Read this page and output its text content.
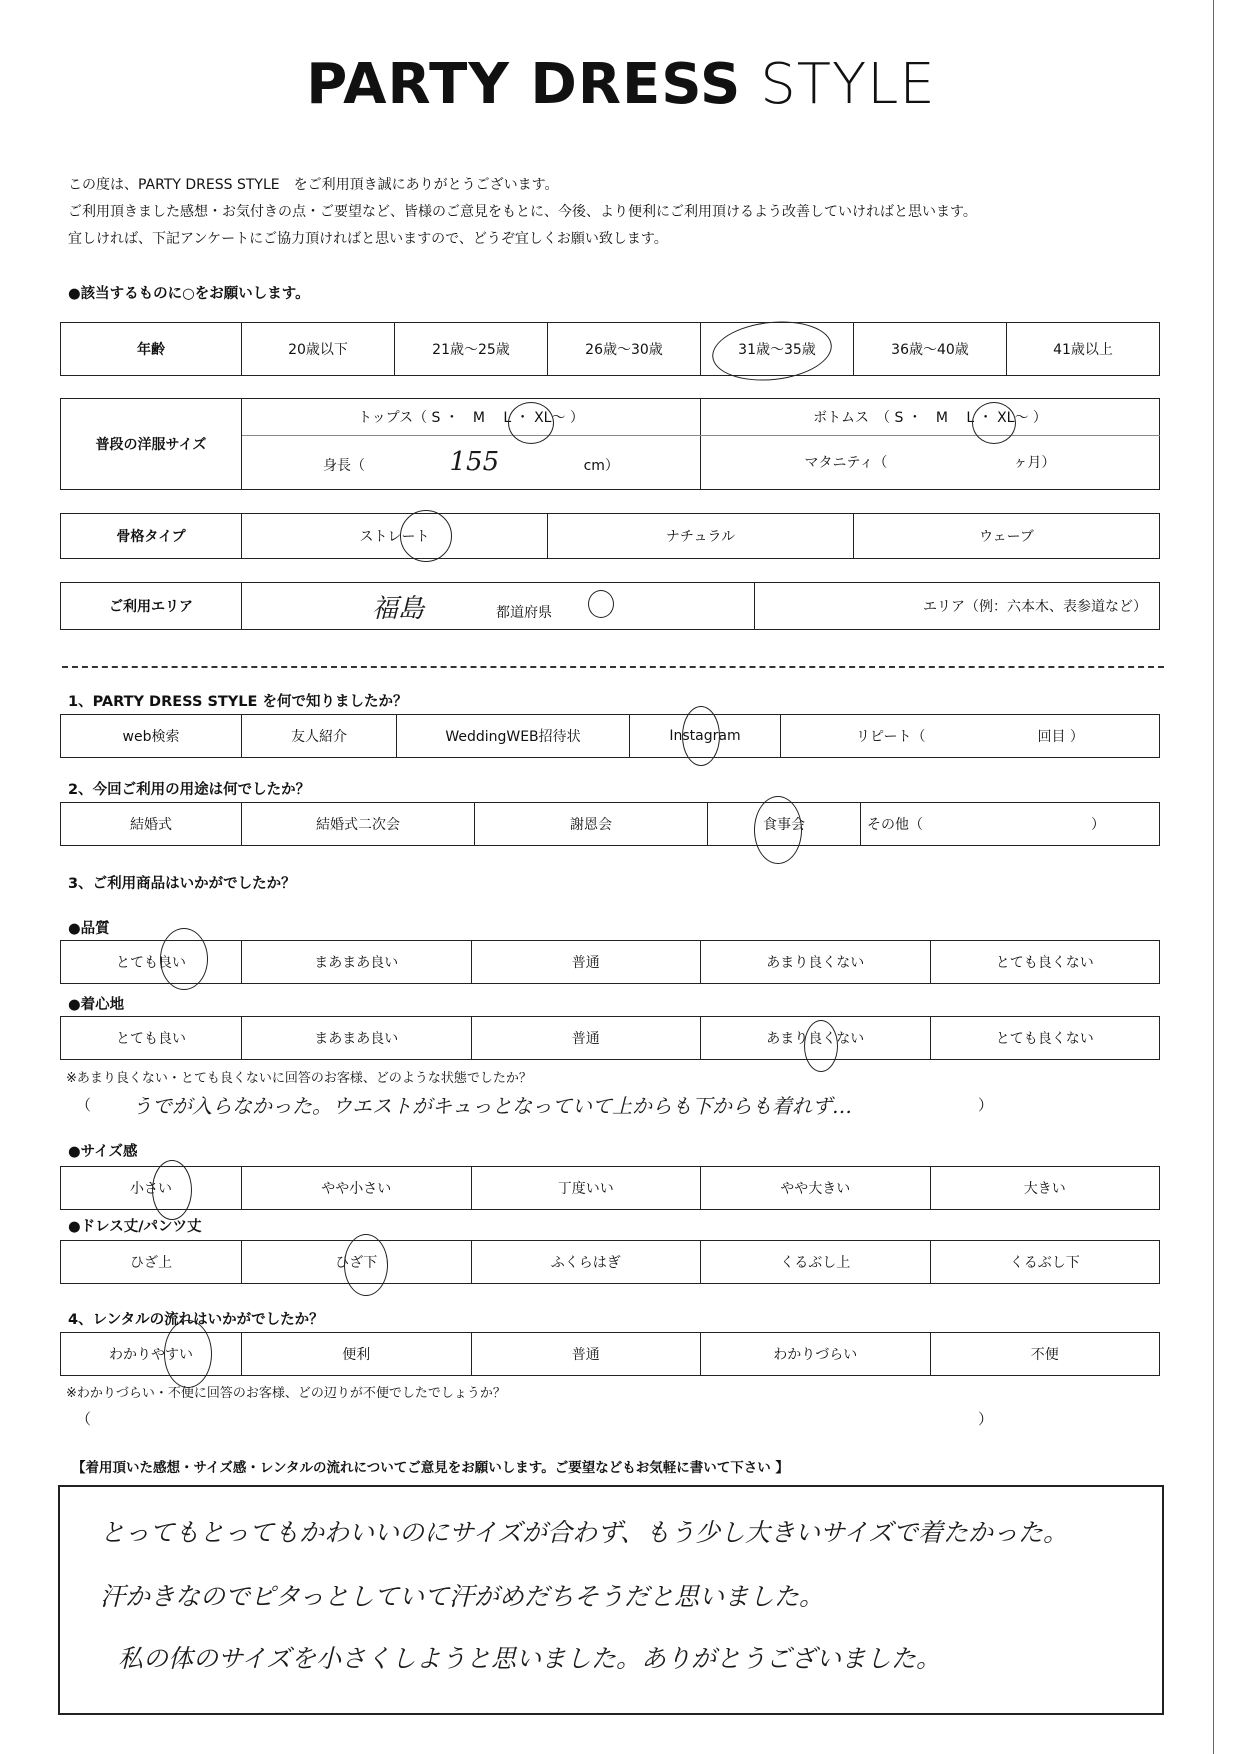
PARTY DRESS STYLE
この度は、PARTY DRESS STYLE　をご利用頂き誠にありがとうございます。
ご利用頂きました感想・お気付きの点・ご要望など、皆様のご意見をもとに、今後、より便利にご利用頂けるよう改善していければと思います。
宜しければ、下記アンケートにご協力頂ければと思いますので、どうぞ宜しくお願い致します。
●該当するものに○をお願いします。
年齢	20歳以下	21歳～25歳	26歳～30歳	31歳～35歳	36歳～40歳	41歳以上
普段の洋服サイズ	トップス（ S ・　M　 L ・ XL～ ）	ボトムス　（ S ・　M　 L ・ XL～ ）
	身長（ 155 cm）	マタニティ（　　　　　　　　　ヶ月）
骨格タイプ	ストレート	ナチュラル	ウェーブ
ご利用エリア	福島	都道府県	エリア（例：六本木、表参道など）
1、PARTY DRESS STYLE を何で知りましたか？
web検索	友人紹介	WeddingWEB招待状	Instagram	リピート（　　　　　　　　回目 ）
2、今回ご利用の用途は何でしたか？
結婚式	結婚式二次会	謝恩会	食事会	その他（　　　　　　　　　　　　）
3、ご利用商品はいかがでしたか？
●品質
とても良い	まあまあ良い	普通	あまり良くない	とても良くない
●着心地
とても良い	まあまあ良い	普通	あまり良くない	とても良くない
※あまり良くない・とても良くないに回答のお客様、どのような状態でしたか？
（ うでが入らなかった。ウエストがキュっとなっていて上からも下からも着れず…	）
●サイズ感
小さい	やや小さい	丁度いい	やや大きい	大きい
●ドレス丈/パンツ丈
ひざ上	ひざ下	ふくらはぎ	くるぶし上	くるぶし下
4、レンタルの流れはいかがでしたか？
わかりやすい	便利	普通	わかりづらい	不便
※わかりづらい・不便に回答のお客様、どの辺りが不便でしたでしょうか？
（	）
【着用頂いた感想・サイズ感・レンタルの流れについてご意見をお願いします。ご要望などもお気軽に書いて下さい 】
とってもとってもかわいいのにサイズが合わず、もう少し大きいサイズで着たかった。
汗かきなのでピタっとしていて汗がめだちそうだと思いました。
私の体のサイズを小さくしようと思いました。ありがとうございました。
